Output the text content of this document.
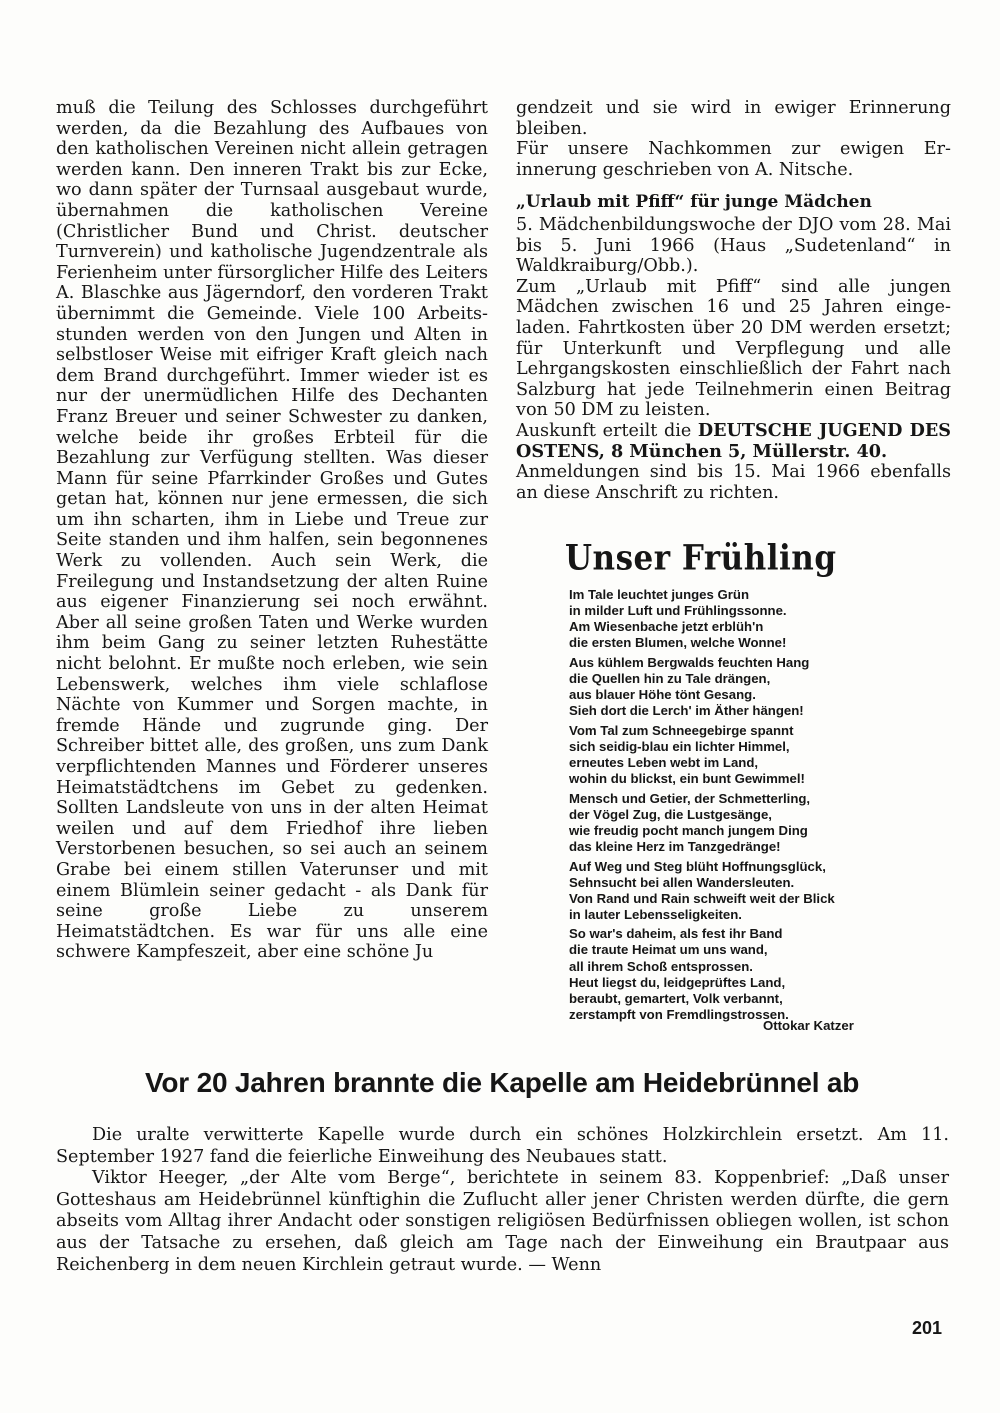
muß die Teilung des Schlosses durchgeführt werden, da die Bezahlung des Aufbaues von den katholischen Vereinen nicht allein getragen werden kann. Den inneren Trakt bis zur Ecke, wo dann später der Turnsaal ausgebaut wurde, übernahmen die katholischen Vereine (Christlicher Bund und Christ. deutscher Turnverein) und katholische Jugendzentrale als Ferienheim unter fürsorglicher Hilfe des Leiters A. Blaschke aus Jägerndorf, den vorderen Trakt übernimmt die Gemeinde. Viele 100 Arbeitsstunden werden von den Jungen und Alten in selbstloser Weise mit eifriger Kraft gleich nach dem Brand durchgeführt. Immer wieder ist es nur der unermüdlichen Hilfe des Dechanten Franz Breuer und seiner Schwester zu danken, welche beide ihr großes Erbteil für die Bezahlung zur Verfügung stellten. Was dieser Mann für seine Pfarrkinder Großes und Gutes getan hat, können nur jene ermessen, die sich um ihn scharten, ihm in Liebe und Treue zur Seite standen und ihm halfen, sein begonnenes Werk zu vollenden. Auch sein Werk, die Freilegung und Instandsetzung der alten Ruine aus eigener Finanzierung sei noch erwähnt. Aber all seine großen Taten und Werke wurden ihm beim Gang zu seiner letzten Ruhestätte nicht belohnt. Er mußte noch erleben, wie sein Lebenswerk, welches ihm viele schlaflose Nächte von Kummer und Sorgen machte, in fremde Hände und zugrunde ging. Der Schreiber bittet alle, des großen, uns zum Dank verpflichtenden Mannes und Förderer unseres Heimatstädtchens im Gebet zu gedenken. Sollten Landsleute von uns in der alten Heimat weilen und auf dem Friedhof ihre lieben Verstorbenen besuchen, so sei auch an seinem Grabe bei einem stillen Vaterunser und mit einem Blümlein seiner gedacht - als Dank für seine große Liebe zu unserem Heimatstädtchen. Es war für uns alle eine schwere Kampfeszeit, aber eine schöne Ju

gendzeit und sie wird in ewiger Erinnerung bleiben.

Für unsere Nachkommen zur ewigen Erinnerung geschrieben von A. Nitsche.

„Urlaub mit Pfiff“ für junge Mädchen

5. Mädchenbildungswoche der DJO vom 28. Mai bis 5. Juni 1966 (Haus „Sudetenland“ in Waldkraiburg/Obb.).

Zum „Urlaub mit Pfiff“ sind alle jungen Mädchen zwischen 16 und 25 Jahren eingeladen. Fahrtkosten über 20 DM werden ersetzt; für Unterkunft und Verpflegung und alle Lehrgangskosten einschließlich der Fahrt nach Salzburg hat jede Teilnehmerin einen Beitrag von 50 DM zu leisten.

Auskunft erteilt die DEUTSCHE JUGEND DES OSTENS, 8 München 5, Müllerstr. 40.

Anmeldungen sind bis 15. Mai 1966 ebenfalls an diese Anschrift zu richten.

Unser Frühling
Im Tale leuchtet junges Grün
in milder Luft und Frühlingssonne.
Am Wiesenbache jetzt erblüh'n
die ersten Blumen, welche Wonne!
Aus kühlem Bergwalds feuchten Hang
die Quellen hin zu Tale drängen,
aus blauer Höhe tönt Gesang.
Sieh dort die Lerch' im Äther hängen!
Vom Tal zum Schneegebirge spannt
sich seidig-blau ein lichter Himmel,
erneutes Leben webt im Land,
wohin du blickst, ein bunt Gewimmel!
Mensch und Getier, der Schmetterling,
der Vögel Zug, die Lustgesänge,
wie freudig pocht manch jungem Ding
das kleine Herz im Tanzgedränge!
Auf Weg und Steg blüht Hoffnungsglück,
Sehnsucht bei allen Wandersleuten.
Von Rand und Rain schweift weit der Blick
in lauter Lebensseligkeiten.
So war's daheim, als fest ihr Band
die traute Heimat um uns wand,
all ihrem Schoß entsprossen.
Heut liegst du, leidgeprüftes Land,
beraubt, gemartert, Volk verbannt,
zerstampft von Fremdlingstrossen.
Ottokar Katzer
Vor 20 Jahren brannte die Kapelle am Heidebrünnel ab

Die uralte verwitterte Kapelle wurde durch ein schönes Holzkirchlein ersetzt. Am 11. September 1927 fand die feierliche Einweihung des Neubaues statt.

Viktor Heeger, „der Alte vom Berge“, berichtete in seinem 83. Koppenbrief: „Daß unser Gotteshaus am Heidebrünnel künftighin die Zuflucht aller jener Christen werden dürfte, die gern abseits vom Alltag ihrer Andacht oder sonstigen religiösen Bedürfnissen obliegen wollen, ist schon aus der Tatsache zu ersehen, daß gleich am Tage nach der Einweihung ein Brautpaar aus Reichenberg in dem neuen Kirchlein getraut wurde. — Wenn

201
